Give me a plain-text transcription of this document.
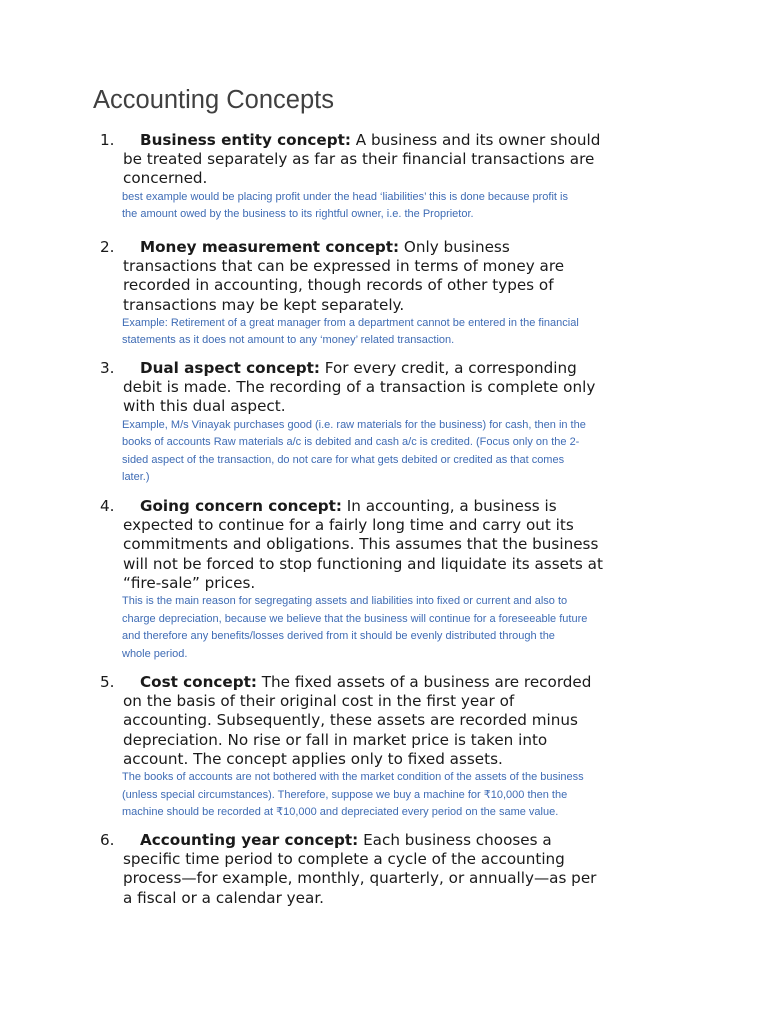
Accounting Concepts
1. Business entity concept: A business and its owner should
be treated separately as far as their financial transactions are
concerned.
best example would be placing profit under the head ‘liabilities’ this is done because profit is
the amount owed by the business to its rightful owner, i.e. the Proprietor.
2. Money measurement concept: Only business
transactions that can be expressed in terms of money are
recorded in accounting, though records of other types of
transactions may be kept separately.
Example: Retirement of a great manager from a department cannot be entered in the financial
statements as it does not amount to any ‘money’ related transaction.
3. Dual aspect concept: For every credit, a corresponding
debit is made. The recording of a transaction is complete only
with this dual aspect.
Example, M/s Vinayak purchases good (i.e. raw materials for the business) for cash, then in the
books of accounts Raw materials a/c is debited and cash a/c is credited. (Focus only on the 2-
sided aspect of the transaction, do not care for what gets debited or credited as that comes
later.)
4. Going concern concept: In accounting, a business is
expected to continue for a fairly long time and carry out its
commitments and obligations. This assumes that the business
will not be forced to stop functioning and liquidate its assets at
“fire-sale” prices.
This is the main reason for segregating assets and liabilities into fixed or current and also to
charge depreciation, because we believe that the business will continue for a foreseeable future
and therefore any benefits/losses derived from it should be evenly distributed through the
whole period.
5. Cost concept: The fixed assets of a business are recorded
on the basis of their original cost in the first year of
accounting. Subsequently, these assets are recorded minus
depreciation. No rise or fall in market price is taken into
account. The concept applies only to fixed assets.
The books of accounts are not bothered with the market condition of the assets of the business
(unless special circumstances). Therefore, suppose we buy a machine for ₹10,000 then the
machine should be recorded at ₹10,000 and depreciated every period on the same value.
6. Accounting year concept: Each business chooses a
specific time period to complete a cycle of the accounting
process—for example, monthly, quarterly, or annually—as per
a fiscal or a calendar year.
